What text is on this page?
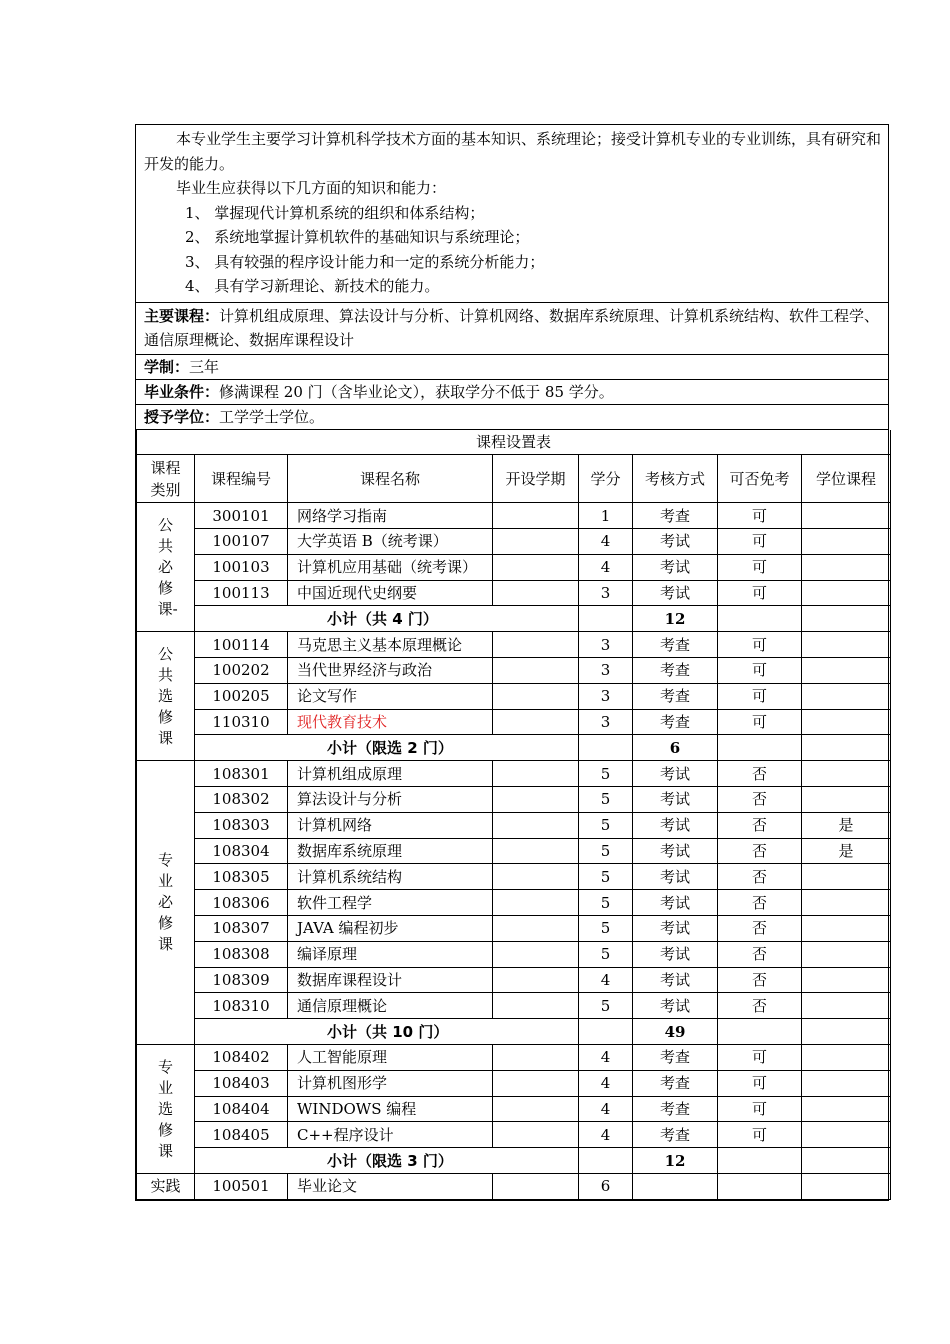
本专业学生主要学习计算机科学技术方面的基本知识、系统理论；接受计算机专业的专业训练，具有研究和开发的能力。

毕业生应获得以下几方面的知识和能力：

1、 掌握现代计算机系统的组织和体系结构；

2、 系统地掌握计算机软件的基础知识与系统理论；

3、 具有较强的程序设计能力和一定的系统分析能力；

4、 具有学习新理论、新技术的能力。

主要课程：计算机组成原理、算法设计与分析、计算机网络、数据库系统原理、计算机系统结构、软件工程学、通信原理概论、数据库课程设计
学制：三年
毕业条件：修满课程 20 门（含毕业论文），获取学分不低于 85 学分。
授予学位：工学学士学位。
课程设置表								

课程类别	课程编号	课程名称	开设学期	学分	考核方式	可否免考	学位课程	

公共必修课-	300101	网络学习指南		1	考查	可		
	100107	大学英语 B（统考课）		4	考试	可		
	100103	计算机应用基础（统考课）		4	考试	可		
	100113	中国近现代史纲要		3	考试	可		
	小计（共 4 门）				12			

公共选修课	100114	马克思主义基本原理概论		3	考查	可		
	100202	当代世界经济与政治		3	考查	可		
	100205	论文写作		3	考查	可		
	110310	现代教育技术		3	考查	可		
	小计（限选 2 门）				6			

专业必修课	108301	计算机组成原理		5	考试	否		
	108302	算法设计与分析		5	考试	否		
	108303	计算机网络		5	考试	否	是	
	108304	数据库系统原理		5	考试	否	是	
	108305	计算机系统结构		5	考试	否		
	108306	软件工程学		5	考试	否		
	108307	JAVA 编程初步		5	考试	否		
	108308	编译原理		5	考试	否		
	108309	数据库课程设计		4	考试	否		
	108310	通信原理概论		5	考试	否		
	小计（共 10 门）				49			

专业选修课	108402	人工智能原理		4	考查	可		
	108403	计算机图形学		4	考查	可		
	108404	WINDOWS 编程		4	考查	可		
	108405	C++程序设计		4	考查	可		
	小计（限选 3 门）				12			
实践	100501	毕业论文		6				
